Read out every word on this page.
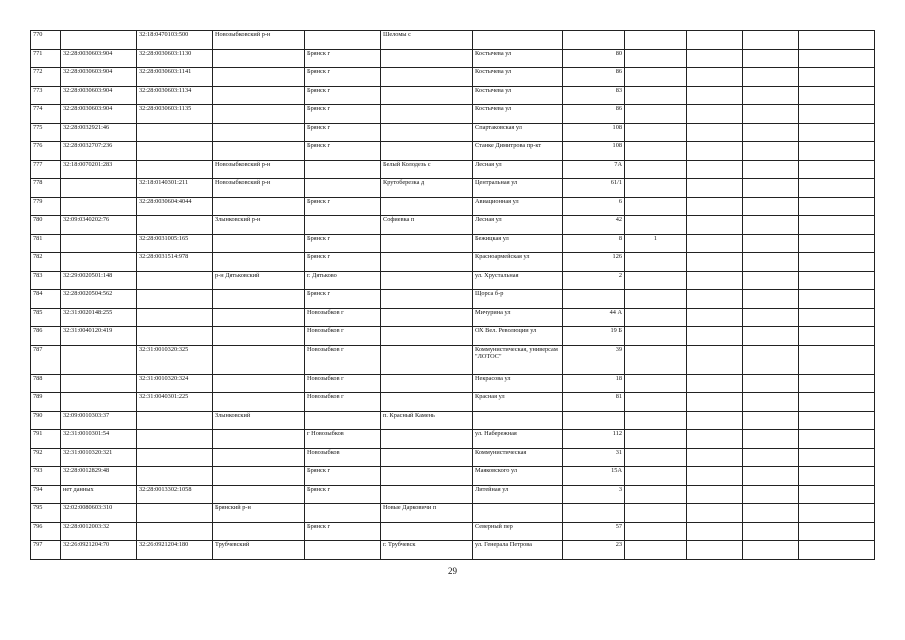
770		32:18:0470103:500	Новозыбковский р-н		Шеломы с						
771	32:28:0030603:904	32:28:0030603:1130		Брянск г		Костычева ул	80				
772	32:28:0030603:904	32:28:0030603:1141		Брянск г		Костычева ул	86				
773	32:28:0030603:904	32:28:0030603:1134		Брянск г		Костычева ул	83				
774	32:28:0030603:904	32:28:0030603:1135		Брянск г		Костычева ул	86				
775	32:28:0032921:46			Брянск г		Спартаковская ул	108				
776	32:28:0032707:236			Брянск г		Станке Димитрова пр-кт	108				
777	32:18:0070201:283		Новозыбковский р-н		Белый Колодезь с	Лесная ул	7А				
778		32:18:0140301:211	Новозыбковский р-н		Крутоберезка д	Центральная ул	61/1				
779		32:28:0030604:4044		Брянск г		Авиационная ул	6				
780	32:09:0340202:76		Злынковский р-н		Софиевка п	Лесная ул	42				
781		32:28:0031005:165		Брянск г		Бежицкая ул	8	1			
782		32:28:0031514:978		Брянск г		Красноармейская ул	126				
783	32:29:0020501:148		р-н Дятьковский	г. Дятьково		ул. Хрустальная	2				
784	32:28:0020504:562			Брянск г		Щорса б-р					
785	32:31:0020148:255			Новозыбков г		Мичурина ул	44 А				
786	32:31:0040120:419			Новозыбков г		ОХ Вел. Революции ул	19 Б				
787		32:31:0010320:325		Новозыбков г		Коммунистическая, универсам "ЛОТОС"	39				
788		32:31:0010320:324		Новозыбков г		Некрасова ул	18				
789		32:31:0040301:225		Новозыбков г		Красная ул	81				
790	32:09:0010303:37		Злынковский		п. Красный Камень						
791	32:31:0010301:54			г Новозыбков		ул. Набережная	112				
792	32:31:0010320:321			Новозыбков		Коммунистическая	31				
793	32:28:0012829:48			Брянск г		Маяковского ул	15А				
794	нет данных	32:28:0013302:1058		Брянск г		Литейная ул	3				
795	32:02:0080603:310		Брянский р-н		Новые Дарковичи п						
796	32:28:0012003:32			Брянск г		Северный пер	57				
797	32:26:0921204:70	32:26:0921204:180	Трубчевский		г. Трубчевск	ул. Генерала Петрова	23				
29
